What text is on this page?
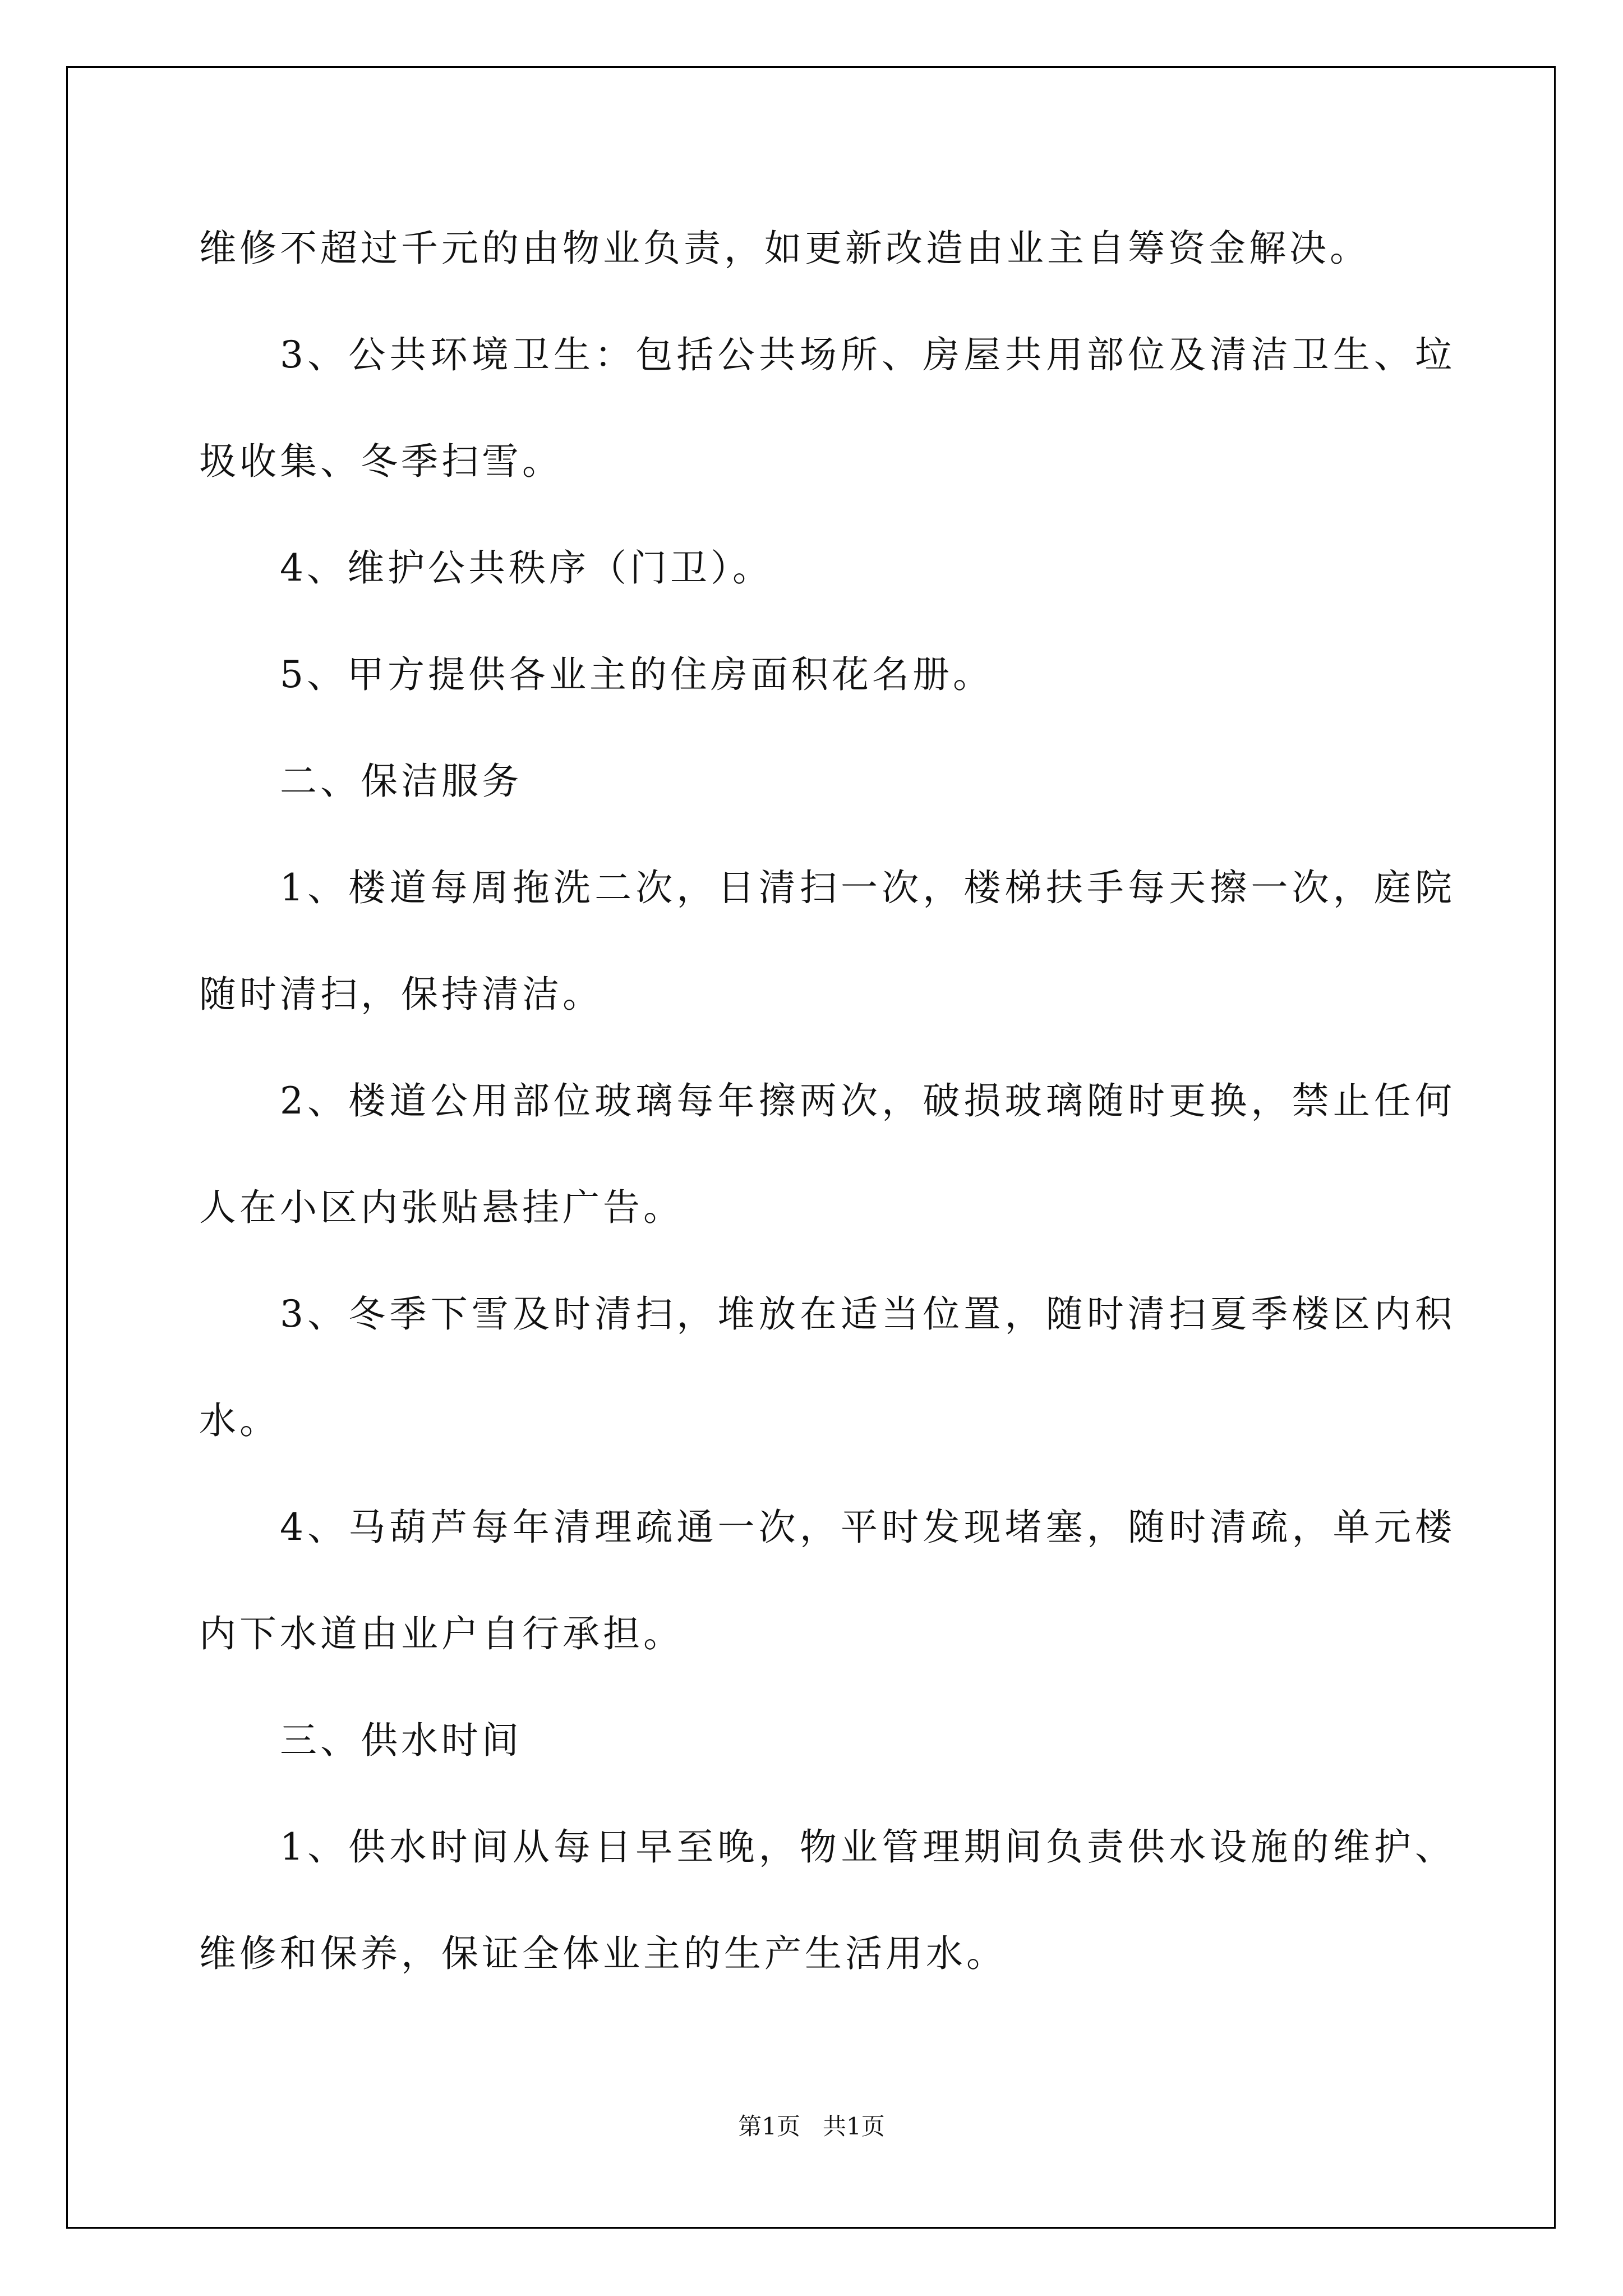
维修不超过千元的由物业负责，如更新改造由业主自筹资金解决。

3、公共环境卫生：包括公共场所、房屋共用部位及清洁卫生、垃圾收集、冬季扫雪。

4、维护公共秩序（门卫）。

5、甲方提供各业主的住房面积花名册。

二、保洁服务

1、楼道每周拖洗二次，日清扫一次，楼梯扶手每天擦一次，庭院随时清扫，保持清洁。

2、楼道公用部位玻璃每年擦两次，破损玻璃随时更换，禁止任何人在小区内张贴悬挂广告。

3、冬季下雪及时清扫，堆放在适当位置，随时清扫夏季楼区内积水。

4、马葫芦每年清理疏通一次，平时发现堵塞，随时清疏，单元楼内下水道由业户自行承担。

三、供水时间

1、供水时间从每日早至晚，物业管理期间负责供水设施的维护、维修和保养，保证全体业主的生产生活用水。

第1页   共1页
